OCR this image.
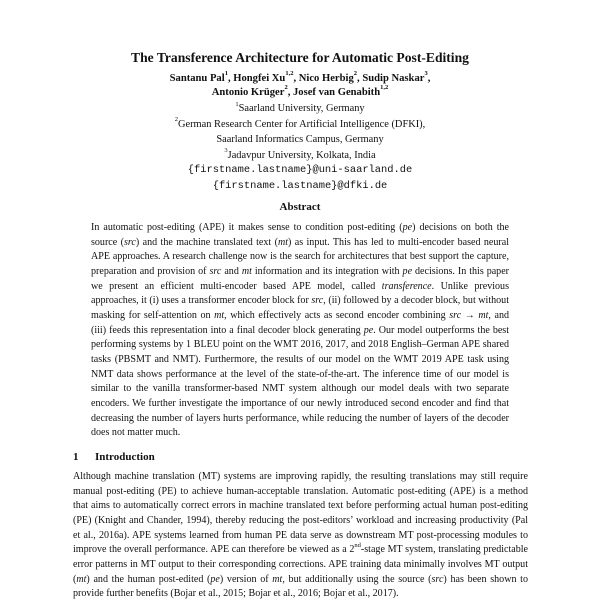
The Transference Architecture for Automatic Post-Editing
Santanu Pal$^1$, Hongfei Xu$^{1,2}$, Nico Herbig$^2$, Sudip Naskar$^3$,
Antonio Krüger$^2$, Josef van Genabith$^{1,2}$
$^1$Saarland University, Germany
$^2$German Research Center for Artificial Intelligence (DFKI),
Saarland Informatics Campus, Germany
$^3$Jadavpur University, Kolkata, India
{firstname.lastname}@uni-saarland.de
{firstname.lastname}@dfki.de
Abstract

In automatic post-editing (APE) it makes sense to condition post-editing (pe) decisions on both the source (src) and the machine translated text (mt) as input. This has led to multi-encoder based neural APE approaches. A research challenge now is the search for architectures that best support the capture, preparation and provision of src and mt information and its integration with pe decisions. In this paper we present an efficient multi-encoder based APE model, called transference. Unlike previous approaches, it (i) uses a transformer encoder block for src, (ii) followed by a decoder block, but without masking for self-attention on mt, which effectively acts as second encoder combining src → mt, and (iii) feeds this representation into a final decoder block generating pe. Our model outperforms the best performing systems by 1 BLEU point on the WMT 2016, 2017, and 2018 English–German APE shared tasks (PBSMT and NMT). Furthermore, the results of our model on the WMT 2019 APE task using NMT data shows performance at the level of the state-of-the-art. The inference time of our model is similar to the vanilla transformer-based NMT system although our model deals with two separate encoders. We further investigate the importance of our newly introduced second encoder and find that decreasing the number of layers hurts performance, while reducing the number of layers of the decoder does not matter much.

1 Introduction

Although machine translation (MT) systems are improving rapidly, the resulting translations may still require manual post-editing (PE) to achieve human-acceptable translation. Automatic post-editing (APE) is a method that aims to automatically correct errors in machine translated text before performing actual human post-editing (PE) (Knight and Chander, 1994), thereby reducing the post-editors’ workload and increasing productivity (Pal et al., 2016a). APE systems learned from human PE data serve as downstream MT post-processing modules to improve the overall performance. APE can therefore be viewed as a 2nd-stage MT system, translating predictable error patterns in MT output to their corresponding corrections. APE training data minimally involves MT output (mt) and the human post-edited (pe) version of mt, but additionally using the source (src) has been shown to provide further benefits (Bojar et al., 2015; Bojar et al., 2016; Bojar et al., 2017).
